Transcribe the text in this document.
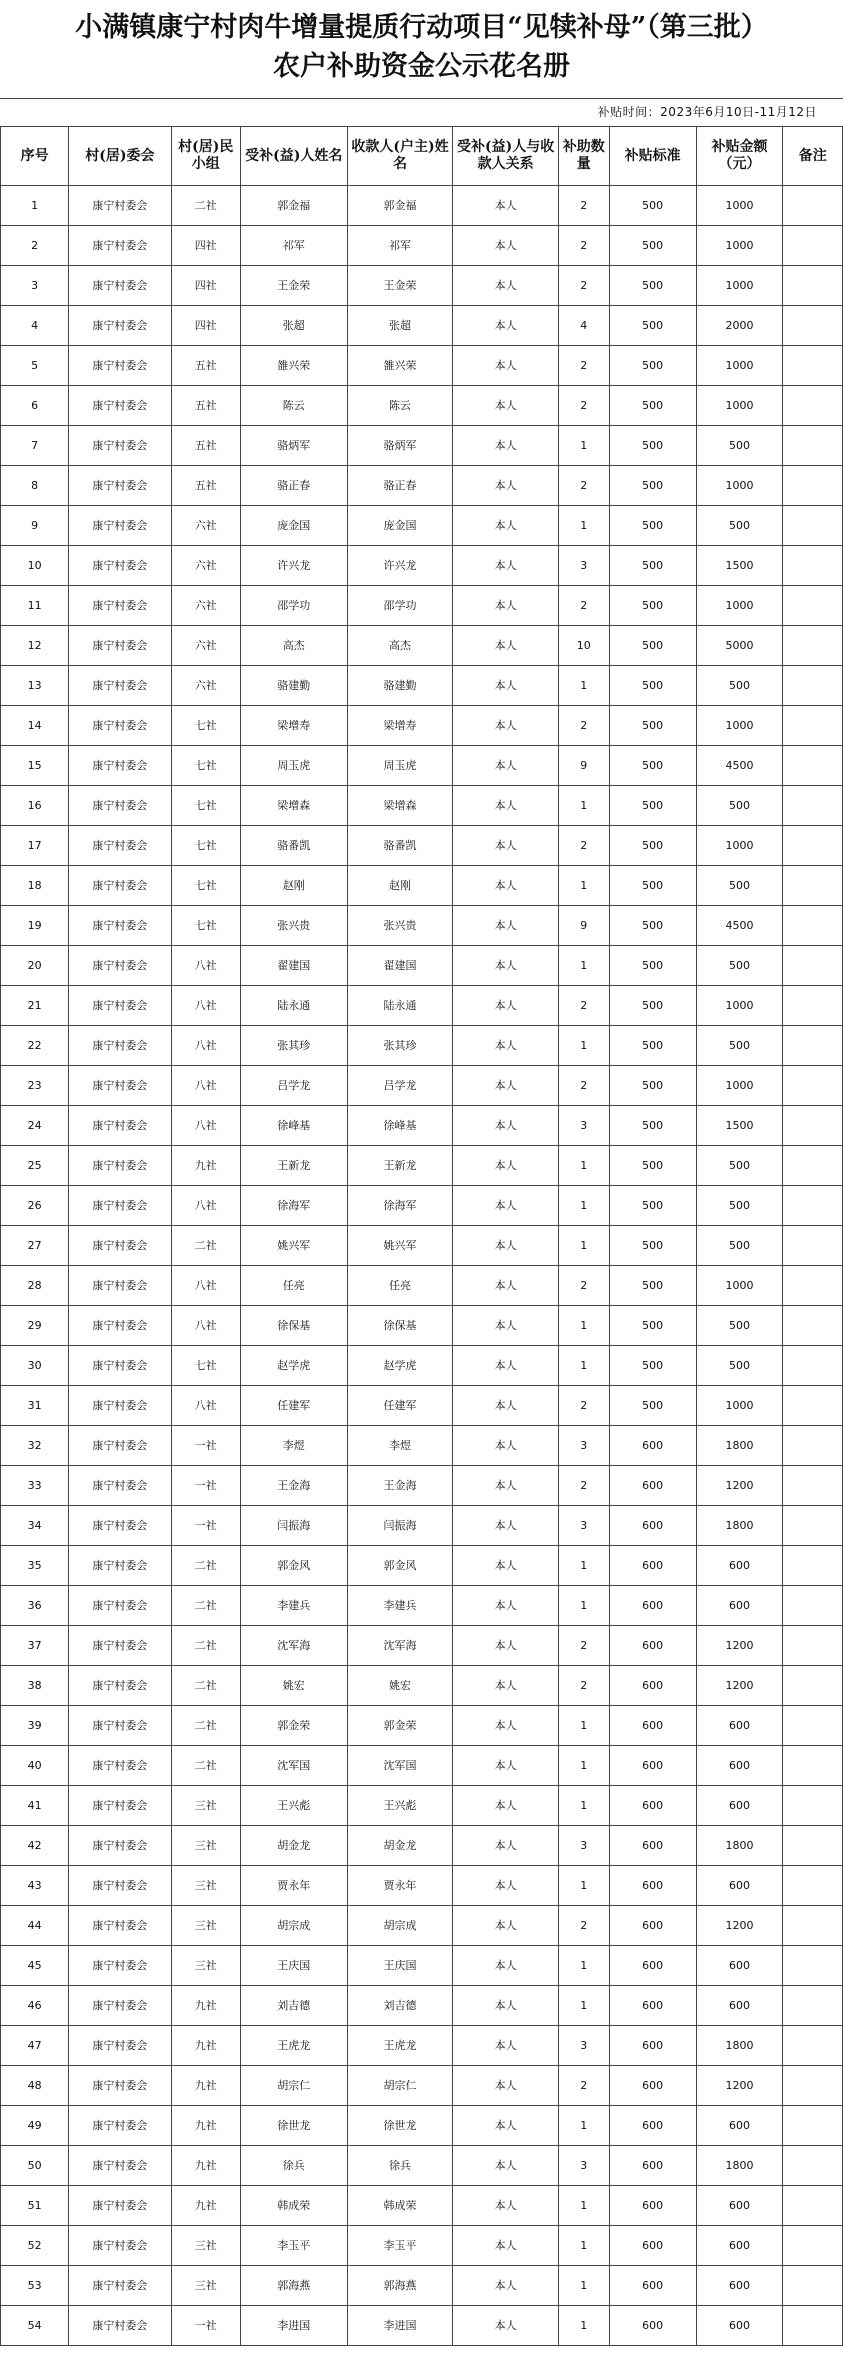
小满镇康宁村肉牛增量提质行动项目“见犊补母”（第三批）
农户补助资金公示花名册
补贴时间：2023年6月10日-11月12日
序号	村(居)委会	村(居)民小组	受补(益)人姓名	收款人(户主)姓名	受补(益)人与收款人关系	补助数量	补贴标准	补贴金额（元）	备注
1	康宁村委会	二社	郭金福	郭金福	本人	2	500	1000	
2	康宁村委会	四社	祁军	祁军	本人	2	500	1000	
3	康宁村委会	四社	王金荣	王金荣	本人	2	500	1000	
4	康宁村委会	四社	张超	张超	本人	4	500	2000	
5	康宁村委会	五社	雒兴荣	雒兴荣	本人	2	500	1000	
6	康宁村委会	五社	陈云	陈云	本人	2	500	1000	
7	康宁村委会	五社	骆炳军	骆炳军	本人	1	500	500	
8	康宁村委会	五社	骆正春	骆正春	本人	2	500	1000	
9	康宁村委会	六社	庞金国	庞金国	本人	1	500	500	
10	康宁村委会	六社	许兴龙	许兴龙	本人	3	500	1500	
11	康宁村委会	六社	邵学功	邵学功	本人	2	500	1000	
12	康宁村委会	六社	高杰	高杰	本人	10	500	5000	
13	康宁村委会	六社	骆建勤	骆建勤	本人	1	500	500	
14	康宁村委会	七社	梁增寿	梁增寿	本人	2	500	1000	
15	康宁村委会	七社	周玉虎	周玉虎	本人	9	500	4500	
16	康宁村委会	七社	梁增森	梁增森	本人	1	500	500	
17	康宁村委会	七社	骆番凯	骆番凯	本人	2	500	1000	
18	康宁村委会	七社	赵刚	赵刚	本人	1	500	500	
19	康宁村委会	七社	张兴贵	张兴贵	本人	9	500	4500	
20	康宁村委会	八社	翟建国	翟建国	本人	1	500	500	
21	康宁村委会	八社	陆永通	陆永通	本人	2	500	1000	
22	康宁村委会	八社	张其珍	张其珍	本人	1	500	500	
23	康宁村委会	八社	吕学龙	吕学龙	本人	2	500	1000	
24	康宁村委会	八社	徐峰基	徐峰基	本人	3	500	1500	
25	康宁村委会	九社	王新龙	王新龙	本人	1	500	500	
26	康宁村委会	八社	徐海军	徐海军	本人	1	500	500	
27	康宁村委会	二社	姚兴军	姚兴军	本人	1	500	500	
28	康宁村委会	八社	任亮	任亮	本人	2	500	1000	
29	康宁村委会	八社	徐保基	徐保基	本人	1	500	500	
30	康宁村委会	七社	赵学虎	赵学虎	本人	1	500	500	
31	康宁村委会	八社	任建军	任建军	本人	2	500	1000	
32	康宁村委会	一社	李煜	李煜	本人	3	600	1800	
33	康宁村委会	一社	王金海	王金海	本人	2	600	1200	
34	康宁村委会	一社	闫振海	闫振海	本人	3	600	1800	
35	康宁村委会	二社	郭金风	郭金风	本人	1	600	600	
36	康宁村委会	二社	李建兵	李建兵	本人	1	600	600	
37	康宁村委会	二社	沈军海	沈军海	本人	2	600	1200	
38	康宁村委会	二社	姚宏	姚宏	本人	2	600	1200	
39	康宁村委会	二社	郭金荣	郭金荣	本人	1	600	600	
40	康宁村委会	二社	沈军国	沈军国	本人	1	600	600	
41	康宁村委会	三社	王兴彪	王兴彪	本人	1	600	600	
42	康宁村委会	三社	胡金龙	胡金龙	本人	3	600	1800	
43	康宁村委会	三社	贾永年	贾永年	本人	1	600	600	
44	康宁村委会	三社	胡宗成	胡宗成	本人	2	600	1200	
45	康宁村委会	三社	王庆国	王庆国	本人	1	600	600	
46	康宁村委会	九社	刘吉德	刘吉德	本人	1	600	600	
47	康宁村委会	九社	王虎龙	王虎龙	本人	3	600	1800	
48	康宁村委会	九社	胡宗仁	胡宗仁	本人	2	600	1200	
49	康宁村委会	九社	徐世龙	徐世龙	本人	1	600	600	
50	康宁村委会	九社	徐兵	徐兵	本人	3	600	1800	
51	康宁村委会	九社	韩成荣	韩成荣	本人	1	600	600	
52	康宁村委会	三社	李玉平	李玉平	本人	1	600	600	
53	康宁村委会	三社	郭海燕	郭海燕	本人	1	600	600	
54	康宁村委会	一社	李进国	李进国	本人	1	600	600	
